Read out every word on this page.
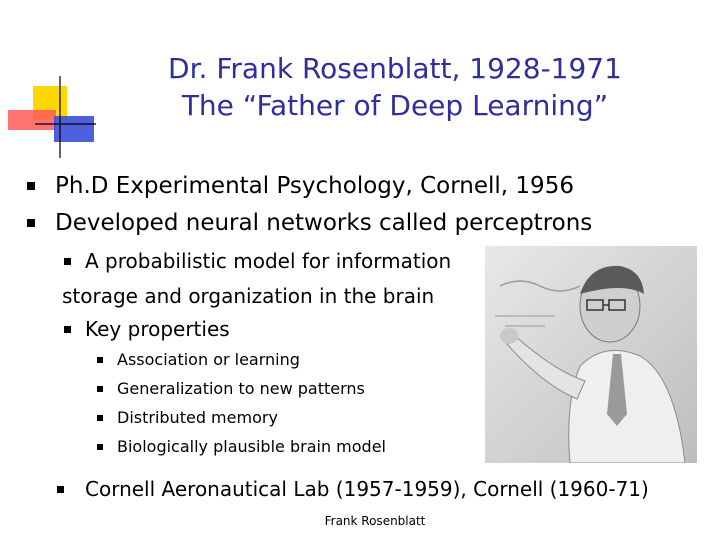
Dr. Frank Rosenblatt, 1928-1971
The “Father of Deep Learning”
Ph.D Experimental Psychology, Cornell, 1956
Developed neural networks called perceptrons
A probabilistic model for information
storage and organization in the brain
Key properties
Association or learning
Generalization to new patterns
Distributed memory
Biologically plausible brain model
Cornell Aeronautical Lab (1957-1959), Cornell (1960-71)
Frank Rosenblatt
